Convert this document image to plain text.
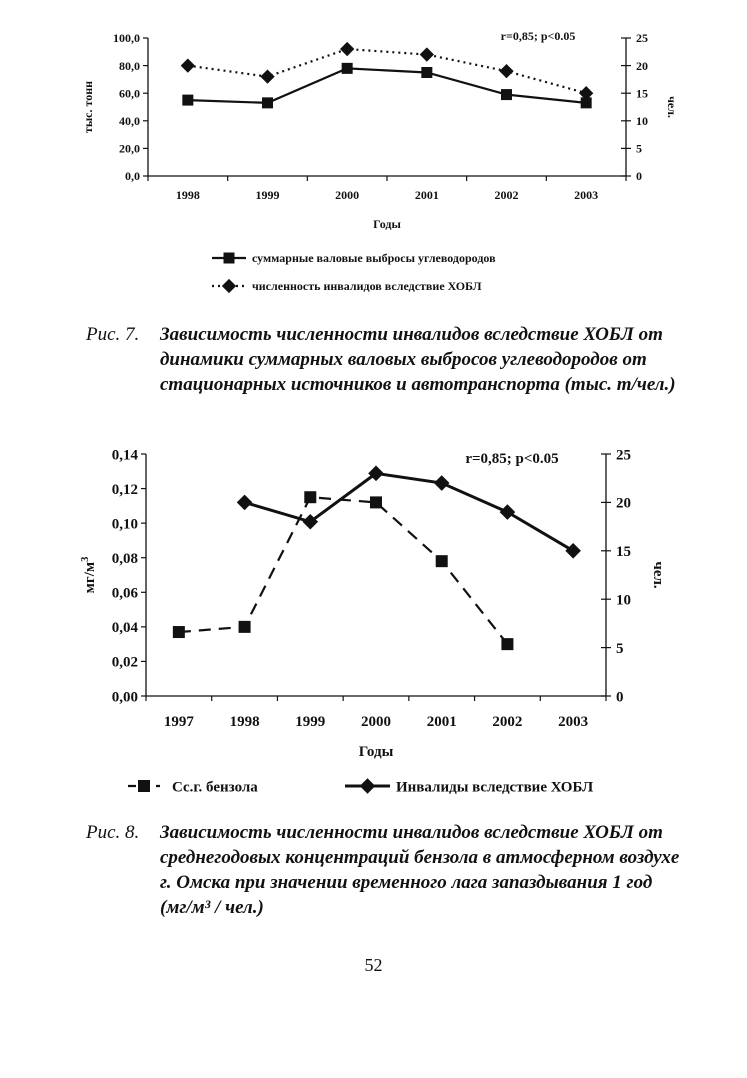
1998	1999	2000	2001	2002	2003
0,0
20,0
40,0
60,0
80,0
100,0
0
5
10
15
20
25
Годы
тыс. тонн	чел.
r=0,85; p<0.05
суммарные валовые выбросы углеводородов
численность инвалидов вследствие ХОБЛ
Рис. 7. Зависимость численности инвалидов вследствие ХОБЛ от динамики суммарных валовых выбросов углеводородов от стационарных источников и автотранспорта (тыс. т/чел.)
1997 1998 1999 2000 2001 2002 2003
0,00
0,02
0,04
0,06
0,08
0,10
0,12
0,14
0
5
10
15
20
25
Годы
$мг/м^3$
чел.
r=0,85; p<0.05
Сс.г. бензола	Инвалиды вследствие ХОБЛ
Рис. 8. Зависимость численности инвалидов вследствие ХОБЛ от среднегодовых концентраций бензола в атмосферном воздухе г. Омска при значении временного лага запаздывания 1 год (мг/м³ / чел.)
52
